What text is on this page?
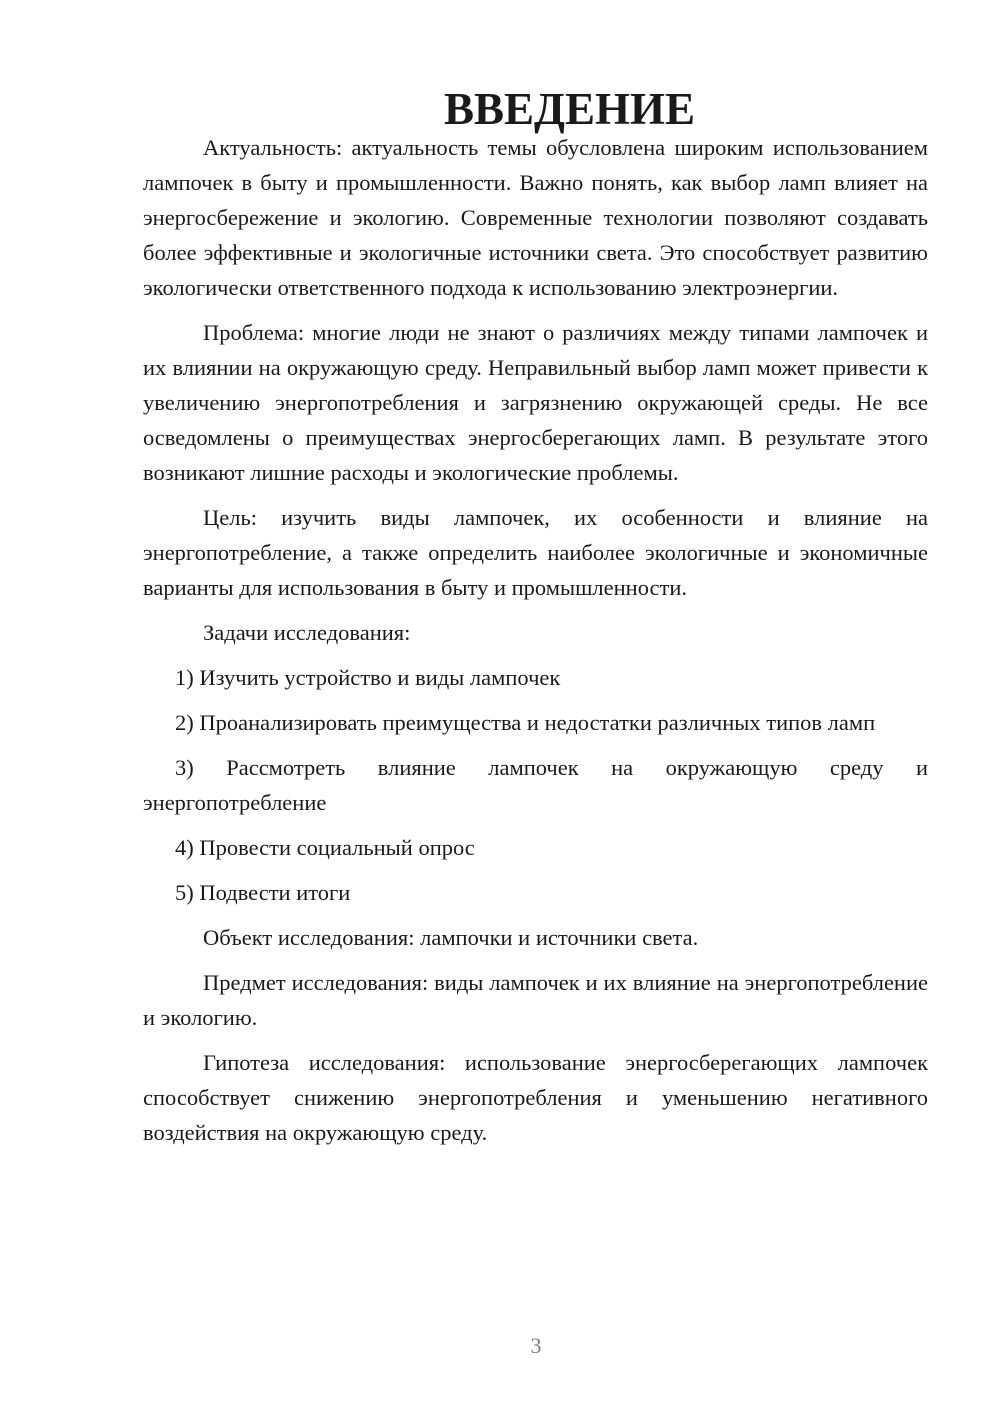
ВВЕДЕНИЕ

Актуальность: актуальность темы обусловлена широким использованием лампочек в быту и промышленности. Важно понять, как выбор ламп влияет на энергосбережение и экологию. Современные технологии позволяют создавать более эффективные и экологичные источники света. Это способствует развитию экологически ответственного подхода к использованию электроэнергии.

Проблема: многие люди не знают о различиях между типами лампочек и их влиянии на окружающую среду. Неправильный выбор ламп может привести к увеличению энергопотребления и загрязнению окружающей среды. Не все осведомлены о преимуществах энергосберегающих ламп. В результате этого возникают лишние расходы и экологические проблемы.

Цель: изучить виды лампочек, их особенности и влияние на энергопотребление, а также определить наиболее экологичные и экономичные варианты для использования в быту и промышленности.

Задачи исследования:

1) Изучить устройство и виды лампочек

2) Проанализировать преимущества и недостатки различных типов ламп

3) Рассмотреть влияние лампочек на окружающую среду и энергопотребление

4) Провести социальный опрос

5) Подвести итоги

Объект исследования: лампочки и источники света.

Предмет исследования: виды лампочек и их влияние на энергопотребление и экологию.

Гипотеза исследования: использование энергосберегающих лампочек способствует снижению энергопотребления и уменьшению негативного воздействия на окружающую среду.

3
